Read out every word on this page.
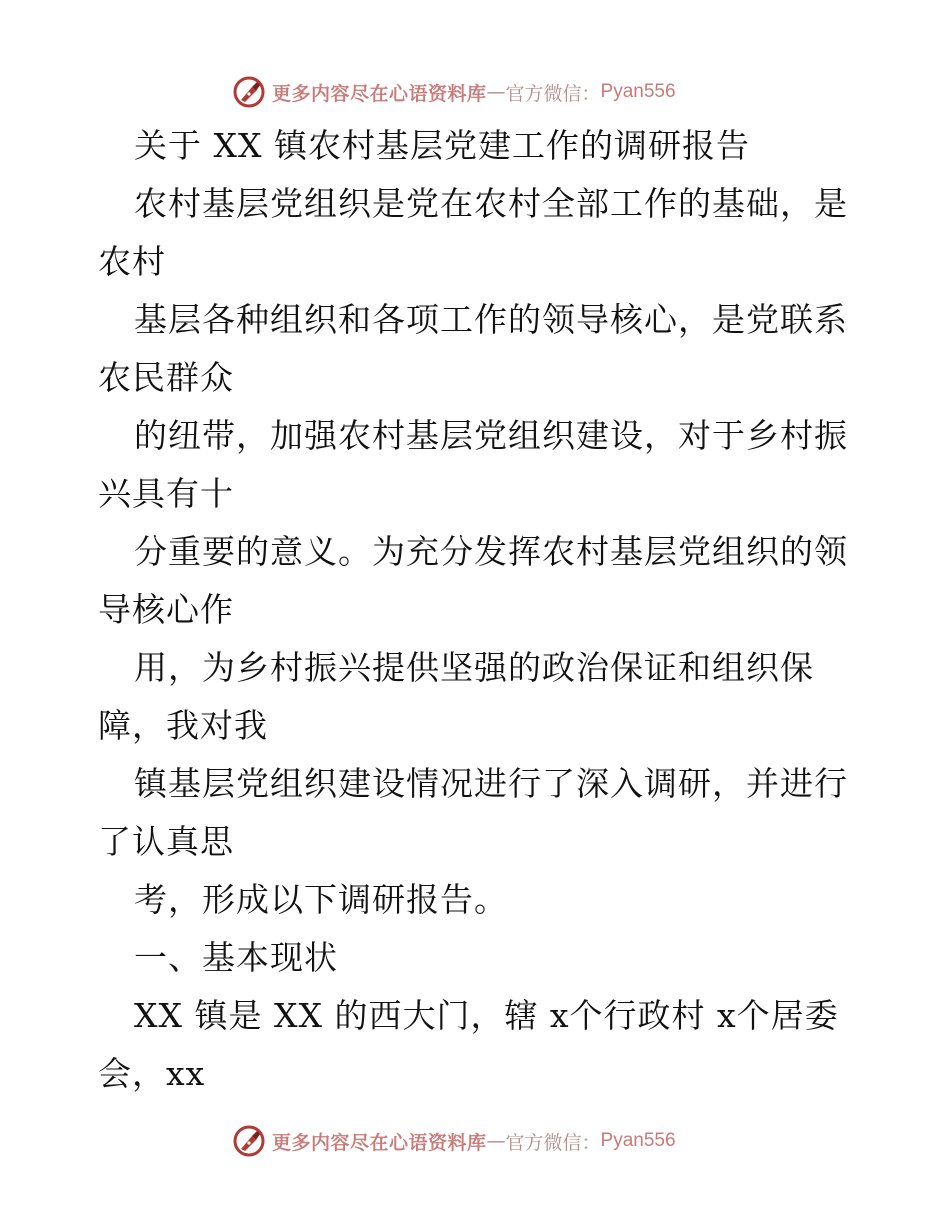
更多内容尽在心语资料库 — 官方微信： Pyan556
关于 XX 镇农村基层党建工作的调研报告
农村基层党组织是党在农村全部工作的基础，是
农村
基层各种组织和各项工作的领导核心，是党联系
农民群众
的纽带，加强农村基层党组织建设，对于乡村振
兴具有十
分重要的意义。为充分发挥农村基层党组织的领
导核心作
用，为乡村振兴提供坚强的政治保证和组织保
障，我对我
镇基层党组织建设情况进行了深入调研，并进行
了认真思
考，形成以下调研报告。
一、基本现状
XX 镇是 XX 的西大门，辖 x个行政村 x个居委
会，xx
更多内容尽在心语资料库 — 官方微信： Pyan556
